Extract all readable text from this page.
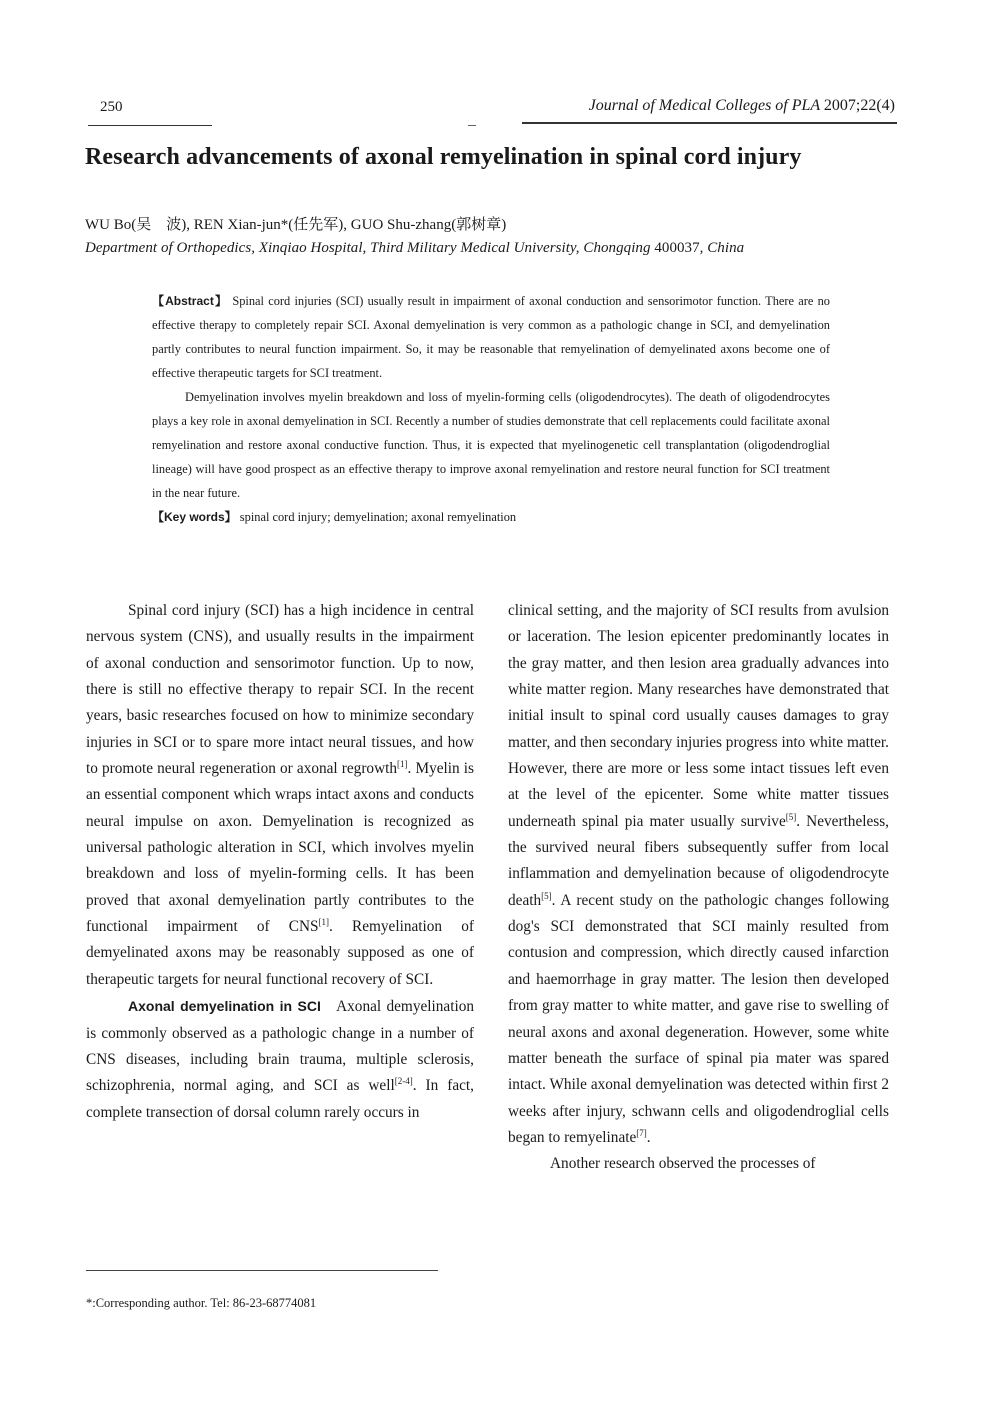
250	Journal of Medical Colleges of PLA 2007;22(4)
Research advancements of axonal remyelination in spinal cord injury
WU Bo(吴　波), REN Xian-jun*(任先军), GUO Shu-zhang(郭树章)
Department of Orthopedics, Xinqiao Hospital, Third Military Medical University, Chongqing 400037, China

【Abstract】 Spinal cord injuries (SCI) usually result in impairment of axonal conduction and sensorimotor function. There are no effective therapy to completely repair SCI. Axonal demyelination is very common as a pathologic change in SCI, and demyelination partly contributes to neural function impairment. So, it may be reasonable that remyelination of demyelinated axons become one of effective therapeutic targets for SCI treatment.

Demyelination involves myelin breakdown and loss of myelin-forming cells (oligodendrocytes). The death of oligodendrocytes plays a key role in axonal demyelination in SCI. Recently a number of studies demonstrate that cell replacements could facilitate axonal remyelination and restore axonal conductive function. Thus, it is expected that myelinogenetic cell transplantation (oligodendroglial lineage) will have good prospect as an effective therapy to improve axonal remyelination and restore neural function for SCI treatment in the near future.

【Key words】 spinal cord injury; demyelination; axonal remyelination

Spinal cord injury (SCI) has a high incidence in central nervous system (CNS), and usually results in the impairment of axonal conduction and sensorimotor function. Up to now, there is still no effective therapy to repair SCI. In the recent years, basic researches focused on how to minimize secondary injuries in SCI or to spare more intact neural tissues, and how to promote neural regeneration or axonal regrowth[1]. Myelin is an essential component which wraps intact axons and conducts neural impulse on axon. Demyelination is recognized as universal pathologic alteration in SCI, which involves myelin breakdown and loss of myelin-forming cells. It has been proved that axonal demyelination partly contributes to the functional impairment of CNS[1]. Remyelination of demyelinated axons may be reasonably supposed as one of therapeutic targets for neural functional recovery of SCI.

Axonal demyelination in SCI Axonal demyelination is commonly observed as a pathologic change in a number of CNS diseases, including brain trauma, multiple sclerosis, schizophrenia, normal aging, and SCI as well[2-4]. In fact, complete transection of dorsal column rarely occurs in

clinical setting, and the majority of SCI results from avulsion or laceration. The lesion epicenter predominantly locates in the gray matter, and then lesion area gradually advances into white matter region. Many researches have demonstrated that initial insult to spinal cord usually causes damages to gray matter, and then secondary injuries progress into white matter. However, there are more or less some intact tissues left even at the level of the epicenter. Some white matter tissues underneath spinal pia mater usually survive[5]. Nevertheless, the survived neural fibers subsequently suffer from local inflammation and demyelination because of oligodendrocyte death[5]. A recent study on the pathologic changes following dog's SCI demonstrated that SCI mainly resulted from contusion and compression, which directly caused infarction and haemorrhage in gray matter. The lesion then developed from gray matter to white matter, and gave rise to swelling of neural axons and axonal degeneration. However, some white matter beneath the surface of spinal pia mater was spared intact. While axonal demyelination was detected within first 2 weeks after injury, schwann cells and oligodendroglial cells began to remyelinate[7].

Another research observed the processes of

*:Corresponding author. Tel: 86-23-68774081
